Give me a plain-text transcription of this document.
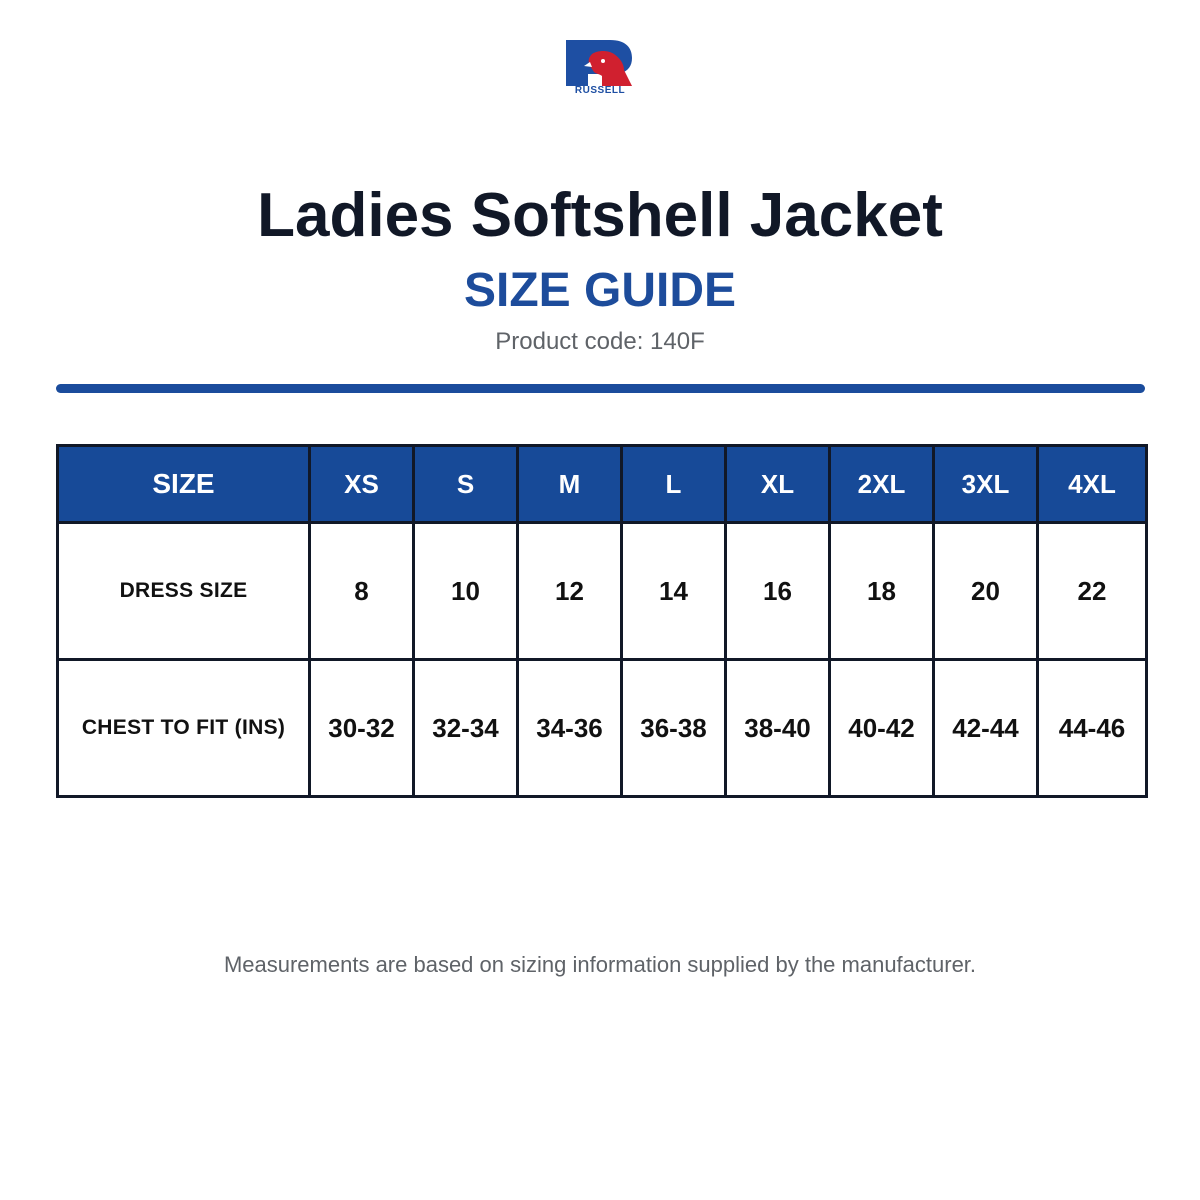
RUSSELL
Ladies Softshell Jacket
SIZE GUIDE
Product code: 140F
SIZE	XS	S	M	L	XL	2XL	3XL	4XL
DRESS SIZE	8	10	12	14	16	18	20	22
CHEST TO FIT (INS)	30-32	32-34	34-36	36-38	38-40	40-42	42-44	44-46
Measurements are based on sizing information supplied by the manufacturer.
